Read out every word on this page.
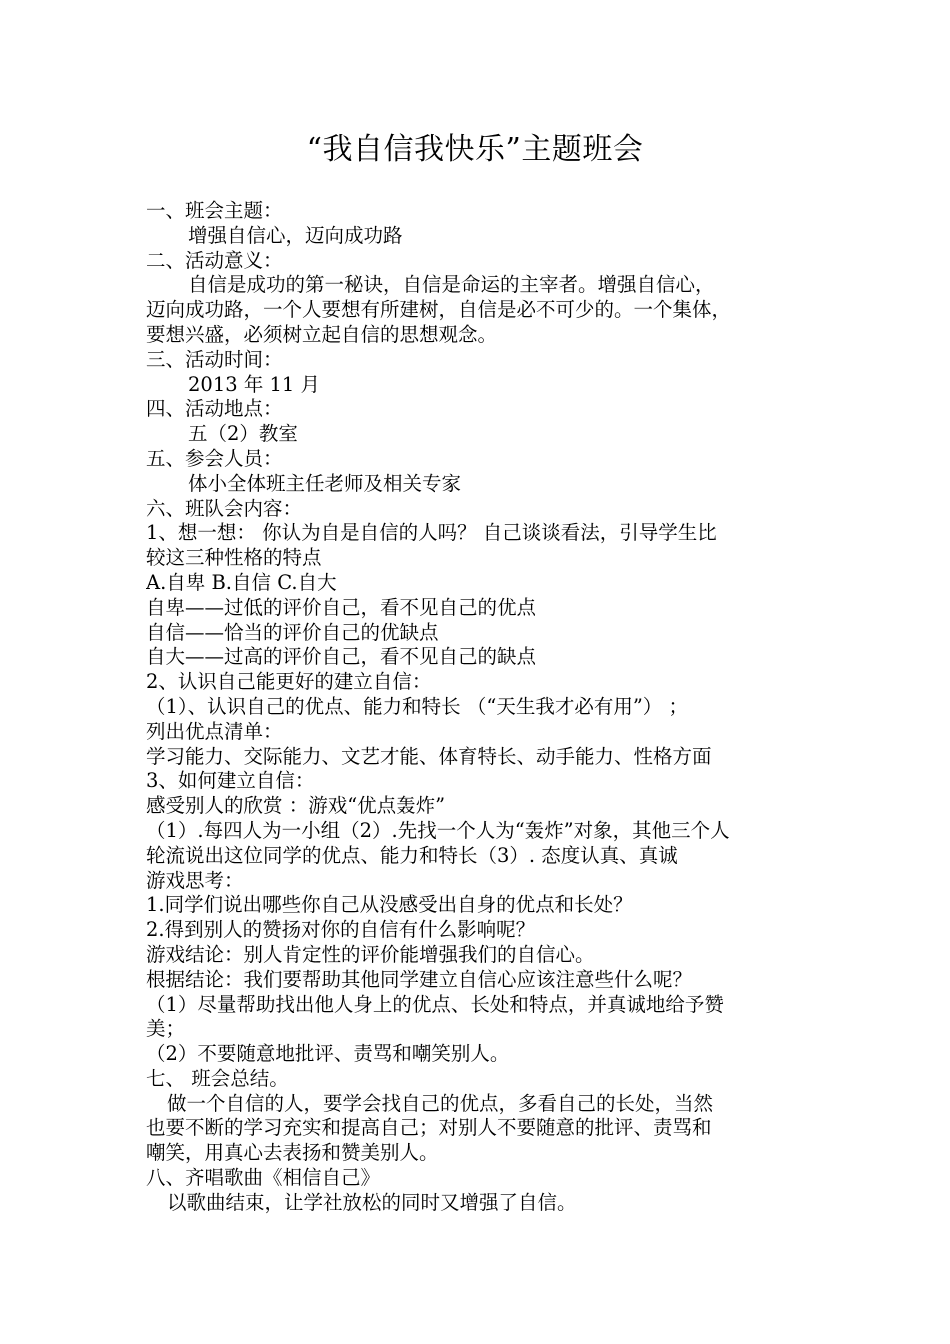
“我自信我快乐”主题班会
一、班会主题：
增强自信心，迈向成功路
二、活动意义：
自信是成功的第一秘诀，自信是命运的主宰者。增强自信心，
迈向成功路，一个人要想有所建树，自信是必不可少的。一个集体，
要想兴盛，必须树立起自信的思想观念。
三、活动时间：
2013 年 11 月
四、活动地点：
五（2）教室
五、参会人员：
体小全体班主任老师及相关专家
六、班队会内容：
1、想一想： 你认为自是自信的人吗？ 自己谈谈看法，引导学生比
较这三种性格的特点
A.自卑 B.自信 C.自大
自卑——过低的评价自己，看不见自己的优点
自信——恰当的评价自己的优缺点
自大——过高的评价自己，看不见自己的缺点
2、认识自己能更好的建立自信：
（1）、认识自己的优点、能力和特长 （“天生我才必有用”） ；
列出优点清单：
学习能力、交际能力、文艺才能、体育特长、动手能力、性格方面
3、如何建立自信：
感受别人的欣赏 ：游戏“优点轰炸”
（1）.每四人为一小组（2）.先找一个人为“轰炸”对象，其他三个人
轮流说出这位同学的优点、能力和特长（3）. 态度认真、真诚
游戏思考：
1.同学们说出哪些你自己从没感受出自身的优点和长处？
2.得到别人的赞扬对你的自信有什么影响呢？
游戏结论：别人肯定性的评价能增强我们的自信心。
根据结论：我们要帮助其他同学建立自信心应该注意些什么呢？
（1）尽量帮助找出他人身上的优点、长处和特点，并真诚地给予赞
美；
（2）不要随意地批评、责骂和嘲笑别人。
七、 班会总结。
做一个自信的人，要学会找自己的优点，多看自己的长处，当然
也要不断的学习充实和提高自己；对别人不要随意的批评、责骂和
嘲笑，用真心去表扬和赞美别人。
八、齐唱歌曲《相信自己》
以歌曲结束，让学社放松的同时又增强了自信。
